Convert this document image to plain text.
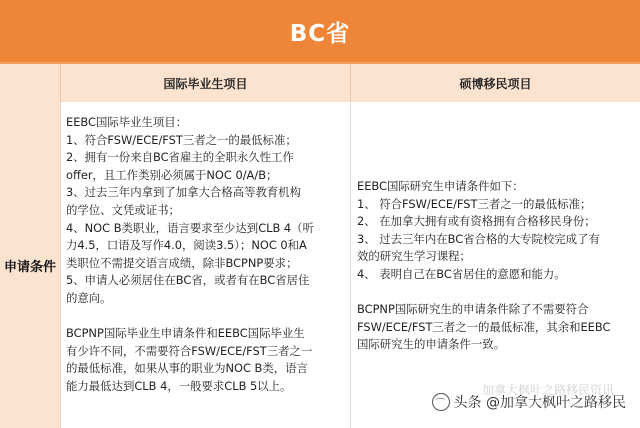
BC省
国际毕业生项目	硕博移民项目
申请条件

EEBC国际毕业生项目：

1、符合FSW/ECE/FST三者之一的最低标准；

2、拥有一份来自BC省雇主的全职永久性工作

offer，且工作类别必须属于NOC 0/A/B；

3、过去三年内拿到了加拿大合格高等教育机构

的学位、文凭或证书；

4、NOC B类职业，语言要求至少达到CLB 4（听

力4.5，口语及写作4.0，阅读3.5）；NOC 0和A

类职位不需提交语言成绩，除非BCPNP要求；

5、申请人必须居住在BC省，或者有在BC省居住

的意向。

BCPNP国际毕业生申请条件和EEBC国际毕业生

有少许不同，不需要符合FSW/ECE/FST三者之一

的最低标准，如果从事的职业为NOC B类，语言

能力最低达到CLB 4，一般要求CLB 5以上。

EEBC国际研究生申请条件如下：

1、 符合FSW/ECE/FST三者之一的最低标准；

2、 在加拿大拥有或有资格拥有合格移民身份；

3、 过去三年内在BC省合格的大专院校完成了有

效的研究生学习课程；

4、 表明自己在BC省居住的意愿和能力。

BCPNP国际研究生的申请条件除了不需要符合

FSW/ECE/FST三者之一的最低标准，其余和EEBC

国际研究生的申请条件一致。

加拿大枫叶之路移民资讯
⌒ 头条 @加拿大枫叶之路移民
